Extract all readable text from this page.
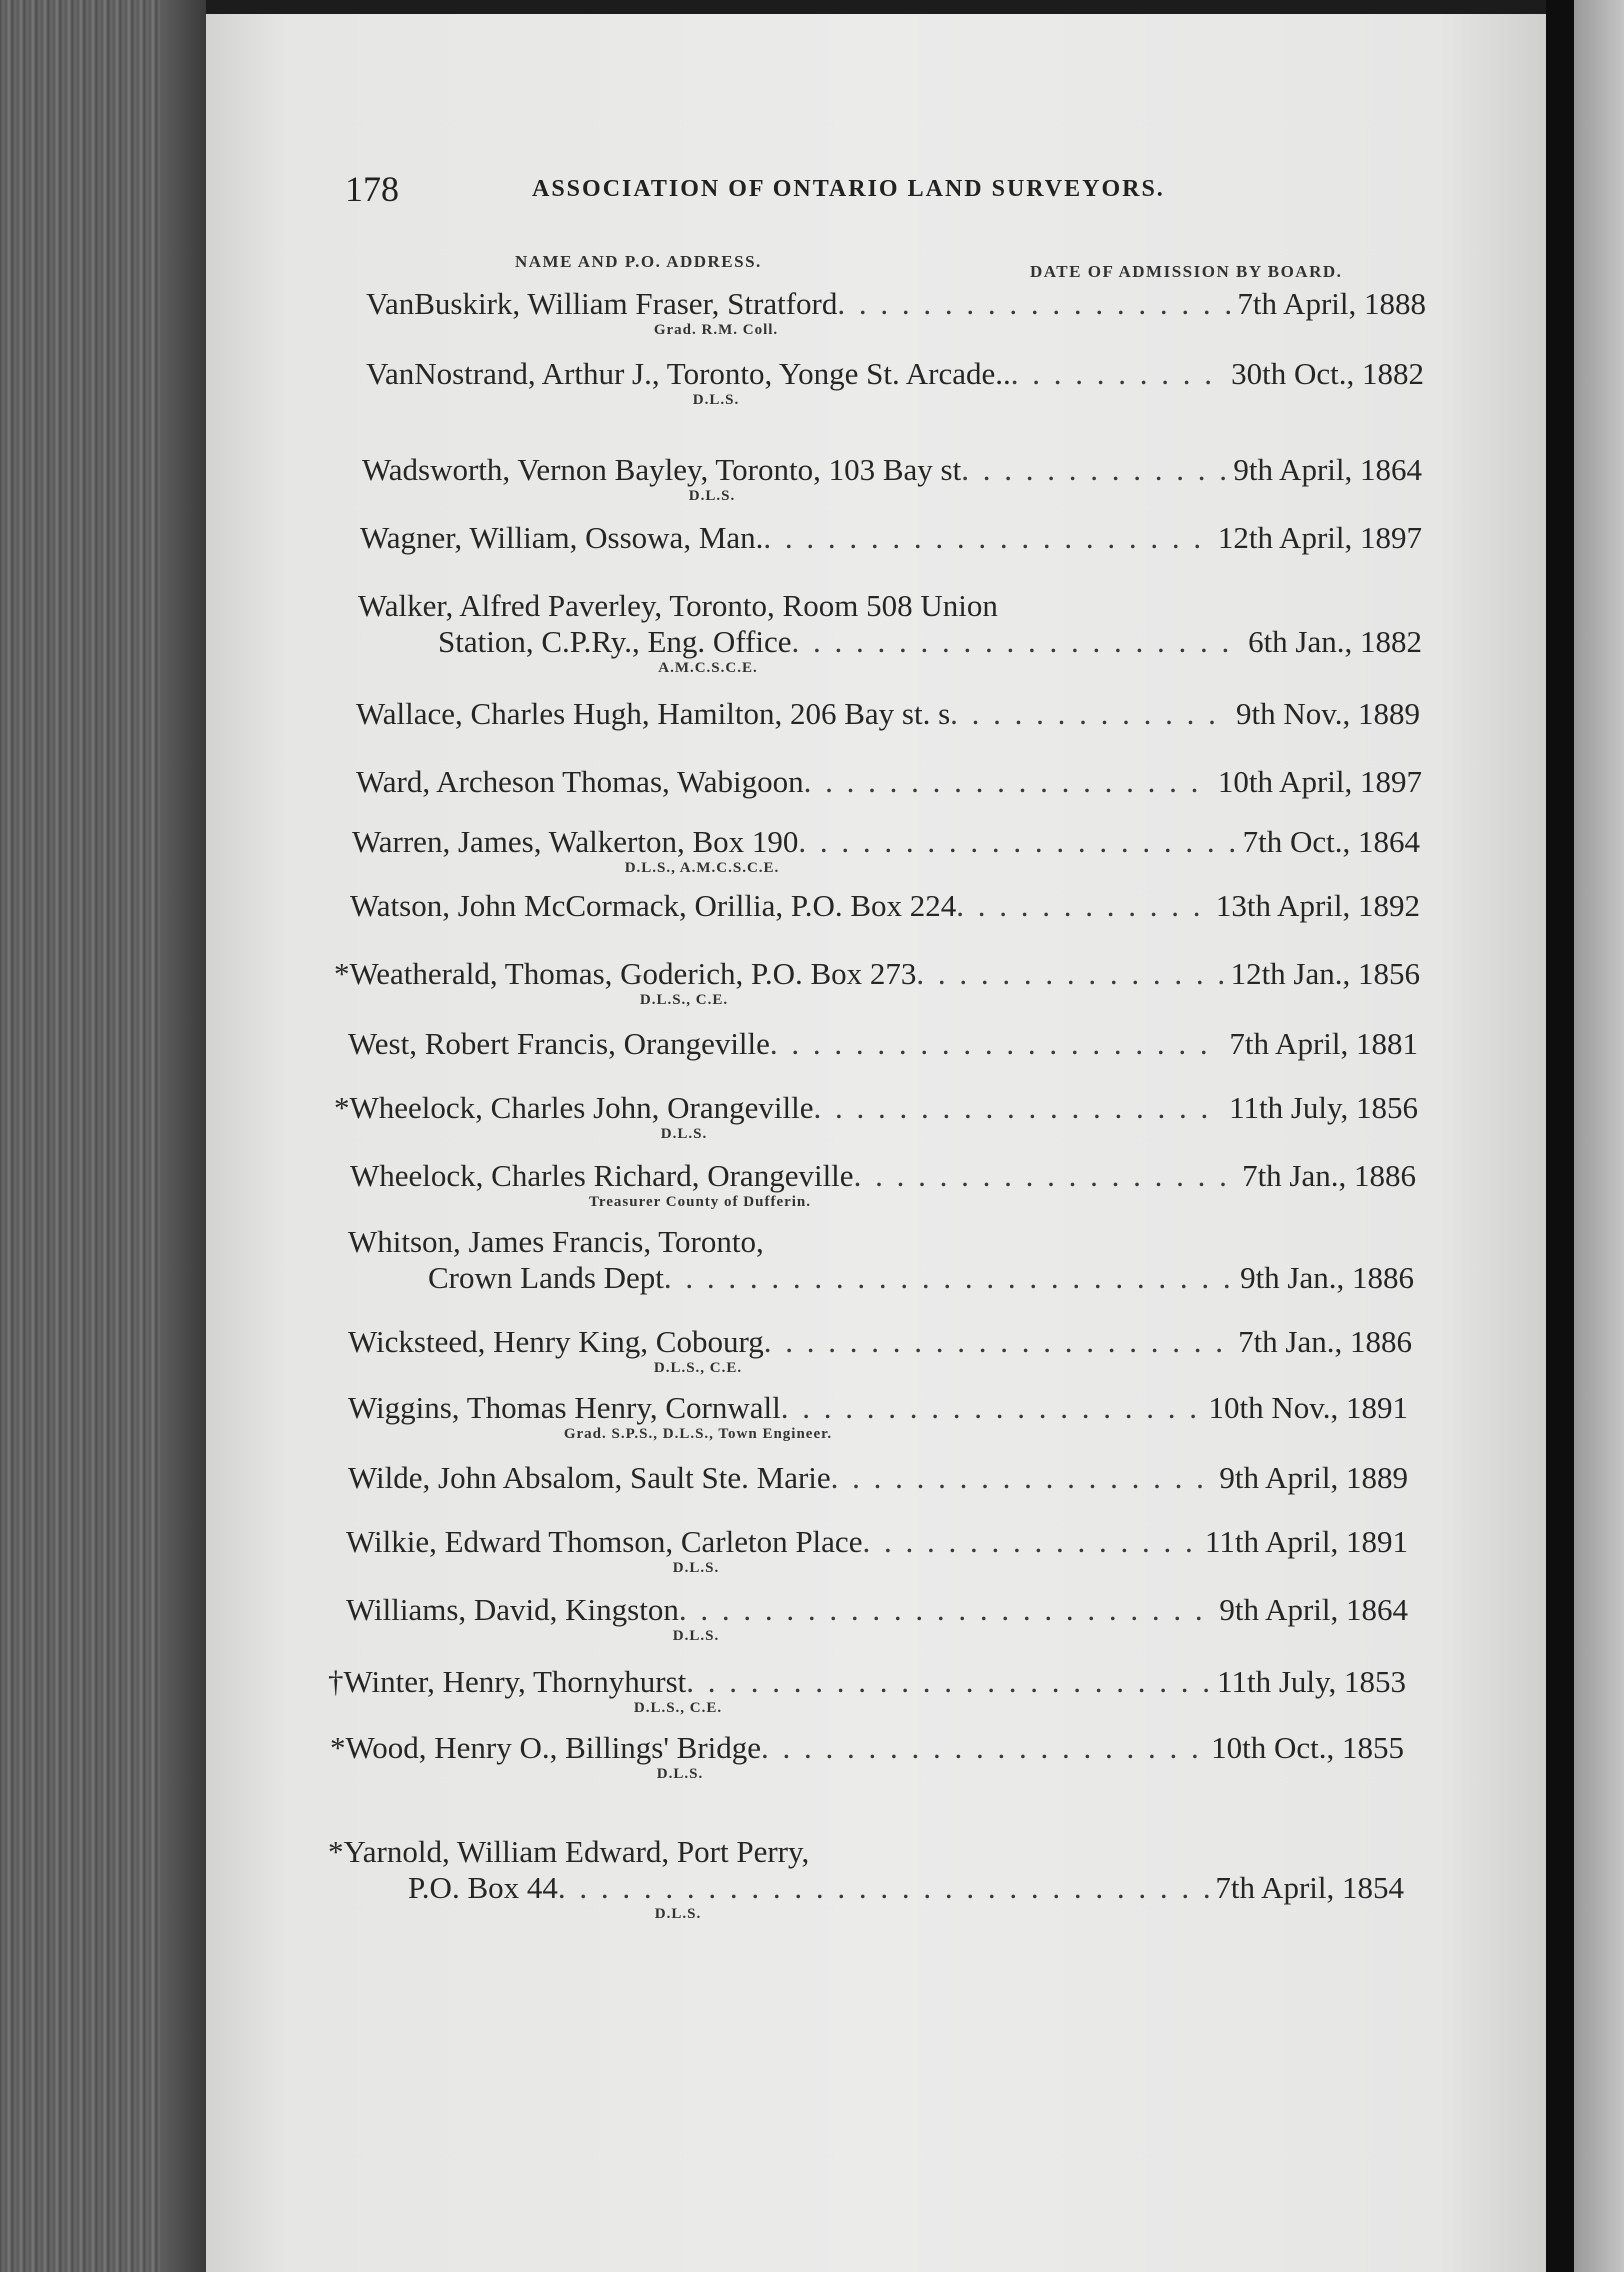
178	ASSOCIATION OF ONTARIO LAND SURVEYORS.
NAME AND P.O. ADDRESS.
DATE OF ADMISSION BY BOARD.
VanBuskirk, William Fraser, Stratford . . .	7th April, 1888
Grad. R.M. Coll.
VanNostrand, Arthur J., Toronto, Yonge St. Arcade.. . . .	30th Oct., 1882
D.L.S.
Wadsworth, Vernon Bayley, Toronto, 103 Bay st . . .	9th April, 1864
D.L.S.
Wagner, William, Ossowa, Man. . . .	12th April, 1897
Walker, Alfred Paverley, Toronto, Room 508 Union
Station, C.P.Ry., Eng. Office . . .	6th Jan., 1882
A.M.C.S.C.E.
Wallace, Charles Hugh, Hamilton, 206 Bay st. s . . .	9th Nov., 1889
Ward, Archeson Thomas, Wabigoon . . .	10th April, 1897
Warren, James, Walkerton, Box 190 . . .	7th Oct., 1864
D.L.S., A.M.C.S.C.E.
Watson, John McCormack, Orillia, P.O. Box 224 . . .	13th April, 1892
*Weatherald, Thomas, Goderich, P.O. Box 273 . . .	12th Jan., 1856
D.L.S., C.E.
West, Robert Francis, Orangeville . . .	7th April, 1881
*Wheelock, Charles John, Orangeville . . .	11th July, 1856
D.L.S.
Wheelock, Charles Richard, Orangeville . . .	7th Jan., 1886
Treasurer County of Dufferin.
Whitson, James Francis, Toronto,
Crown Lands Dept . . .	9th Jan., 1886
Wicksteed, Henry King, Cobourg . . .	7th Jan., 1886
D.L.S., C.E.
Wiggins, Thomas Henry, Cornwall . . .	10th Nov., 1891
Grad. S.P.S., D.L.S., Town Engineer.
Wilde, John Absalom, Sault Ste. Marie . . .	9th April, 1889
Wilkie, Edward Thomson, Carleton Place . . .	11th April, 1891
D.L.S.
Williams, David, Kingston . . .	9th April, 1864
D.L.S.
†Winter, Henry, Thornyhurst . . .	11th July, 1853
D.L.S., C.E.
*Wood, Henry O., Billings' Bridge . . .	10th Oct., 1855
D.L.S.
*Yarnold, William Edward, Port Perry,
P.O. Box 44 . . .	7th April, 1854
D.L.S.
